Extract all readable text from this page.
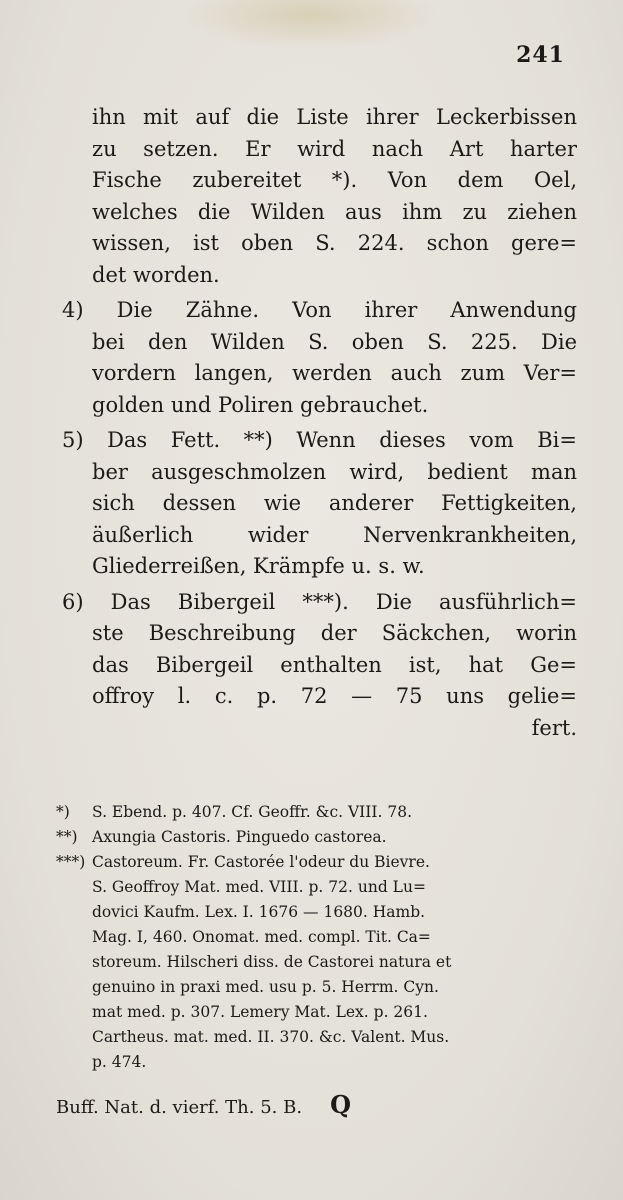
241
ihn mit auf die Liste ihrer Leckerbissen
zu setzen. Er wird nach Art harter
Fische zubereitet *). Von dem Oel,
welches die Wilden aus ihm zu ziehen
wissen, ist oben S. 224. schon gere=
det worden.
4) Die Zähne. Von ihrer Anwendung
bei den Wilden S. oben S. 225. Die
vordern langen, werden auch zum Ver=
golden und Poliren gebrauchet.
5) Das Fett. **) Wenn dieses vom Bi=
ber ausgeschmolzen wird, bedient man
sich dessen wie anderer Fettigkeiten,
äußerlich wider Nervenkrankheiten,
Gliederreißen, Krämpfe u. s. w.
6) Das Bibergeil ***). Die ausführlich=
ste Beschreibung der Säckchen, worin
das Bibergeil enthalten ist, hat Ge=
offroy l. c. p. 72 — 75 uns gelie=
fert.
*) S. Ebend. p. 407. Cf. Geoffr. &c. VIII. 78.
**) Axungia Castoris. Pinguedo castorea.
***) Castoreum. Fr. Castorée l'odeur du Bievre.
S. Geoffroy Mat. med. VIII. p. 72. und Lu=
dovici Kaufm. Lex. I. 1676 — 1680. Hamb.
Mag. I, 460. Onomat. med. compl. Tit. Ca=
storeum. Hilscheri diss. de Castorei natura et
genuino in praxi med. usu p. 5. Herrm. Cyn.
mat med. p. 307. Lemery Mat. Lex. p. 261.
Cartheus. mat. med. II. 370. &c. Valent. Mus.
p. 474.
Buff. Nat. d. vierf. Th. 5. B. Q
